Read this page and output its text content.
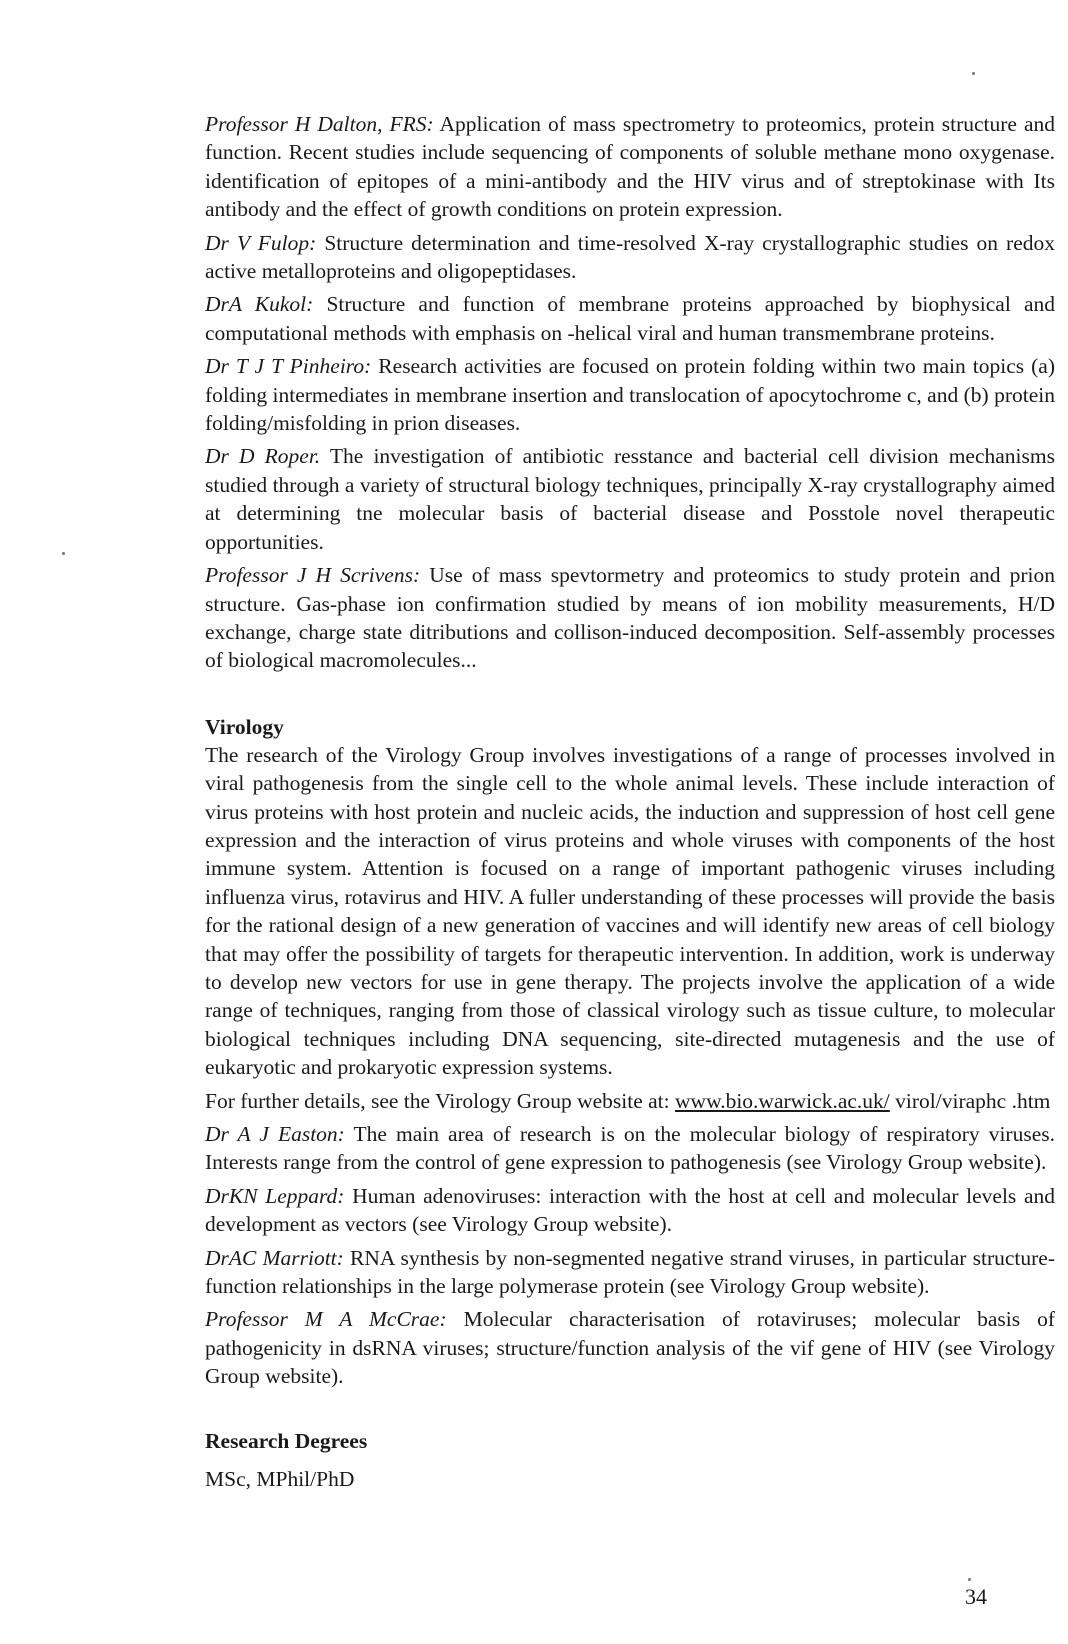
Professor H Dalton, FRS: Application of mass spectrometry to proteomics, protein structure and function. Recent studies include sequencing of components of soluble methane mono oxygenase. identification of epitopes of a mini-antibody and the HIV virus and of streptokinase with Its antibody and the effect of growth conditions on protein expression.

Dr V Fulop: Structure determination and time-resolved X-ray crystallographic studies on redox active metalloproteins and oligopeptidases.

DrA Kukol: Structure and function of membrane proteins approached by biophysical and computational methods with emphasis on -helical viral and human transmembrane proteins.

Dr T J T Pinheiro: Research activities are focused on protein folding within two main topics (a) folding intermediates in membrane insertion and translocation of apocytochrome c, and (b) protein folding/misfolding in prion diseases.

Dr D Roper. The investigation of antibiotic resstance and bacterial cell division mechanisms studied through a variety of structural biology techniques, principally X-ray crystallography aimed at determining tne molecular basis of bacterial disease and Posstole novel therapeutic opportunities.

Professor J H Scrivens: Use of mass spevtormetry and proteomics to study protein and prion structure. Gas-phase ion confirmation studied by means of ion mobility measurements, H/D exchange, charge state ditributions and collison-induced decomposition. Self-assembly processes of biological macromolecules...

Virology

The research of the Virology Group involves investigations of a range of processes involved in viral pathogenesis from the single cell to the whole animal levels. These include interaction of virus proteins with host protein and nucleic acids, the induction and suppression of host cell gene expression and the interaction of virus proteins and whole viruses with components of the host immune system. Attention is focused on a range of important pathogenic viruses including influenza virus, rotavirus and HIV. A fuller understanding of these processes will provide the basis for the rational design of a new generation of vaccines and will identify new areas of cell biology that may offer the possibility of targets for therapeutic intervention. In addition, work is underway to develop new vectors for use in gene therapy. The projects involve the application of a wide range of techniques, ranging from those of classical virology such as tissue culture, to molecular biological techniques including DNA sequencing, site-directed mutagenesis and the use of eukaryotic and prokaryotic expression systems.

For further details, see the Virology Group website at: www.bio.warwick.ac.uk/ virol/viraphc .htm

Dr A J Easton: The main area of research is on the molecular biology of respiratory viruses. Interests range from the control of gene expression to pathogenesis (see Virology Group website).

DrKN Leppard: Human adenoviruses: interaction with the host at cell and molecular levels and development as vectors (see Virology Group website).

DrAC Marriott: RNA synthesis by non-segmented negative strand viruses, in particular structure-function relationships in the large polymerase protein (see Virology Group website).

Professor M A McCrae: Molecular characterisation of rotaviruses; molecular basis of pathogenicity in dsRNA viruses; structure/function analysis of the vif gene of HIV (see Virology Group website).

Research Degrees

MSc, MPhil/PhD

34
